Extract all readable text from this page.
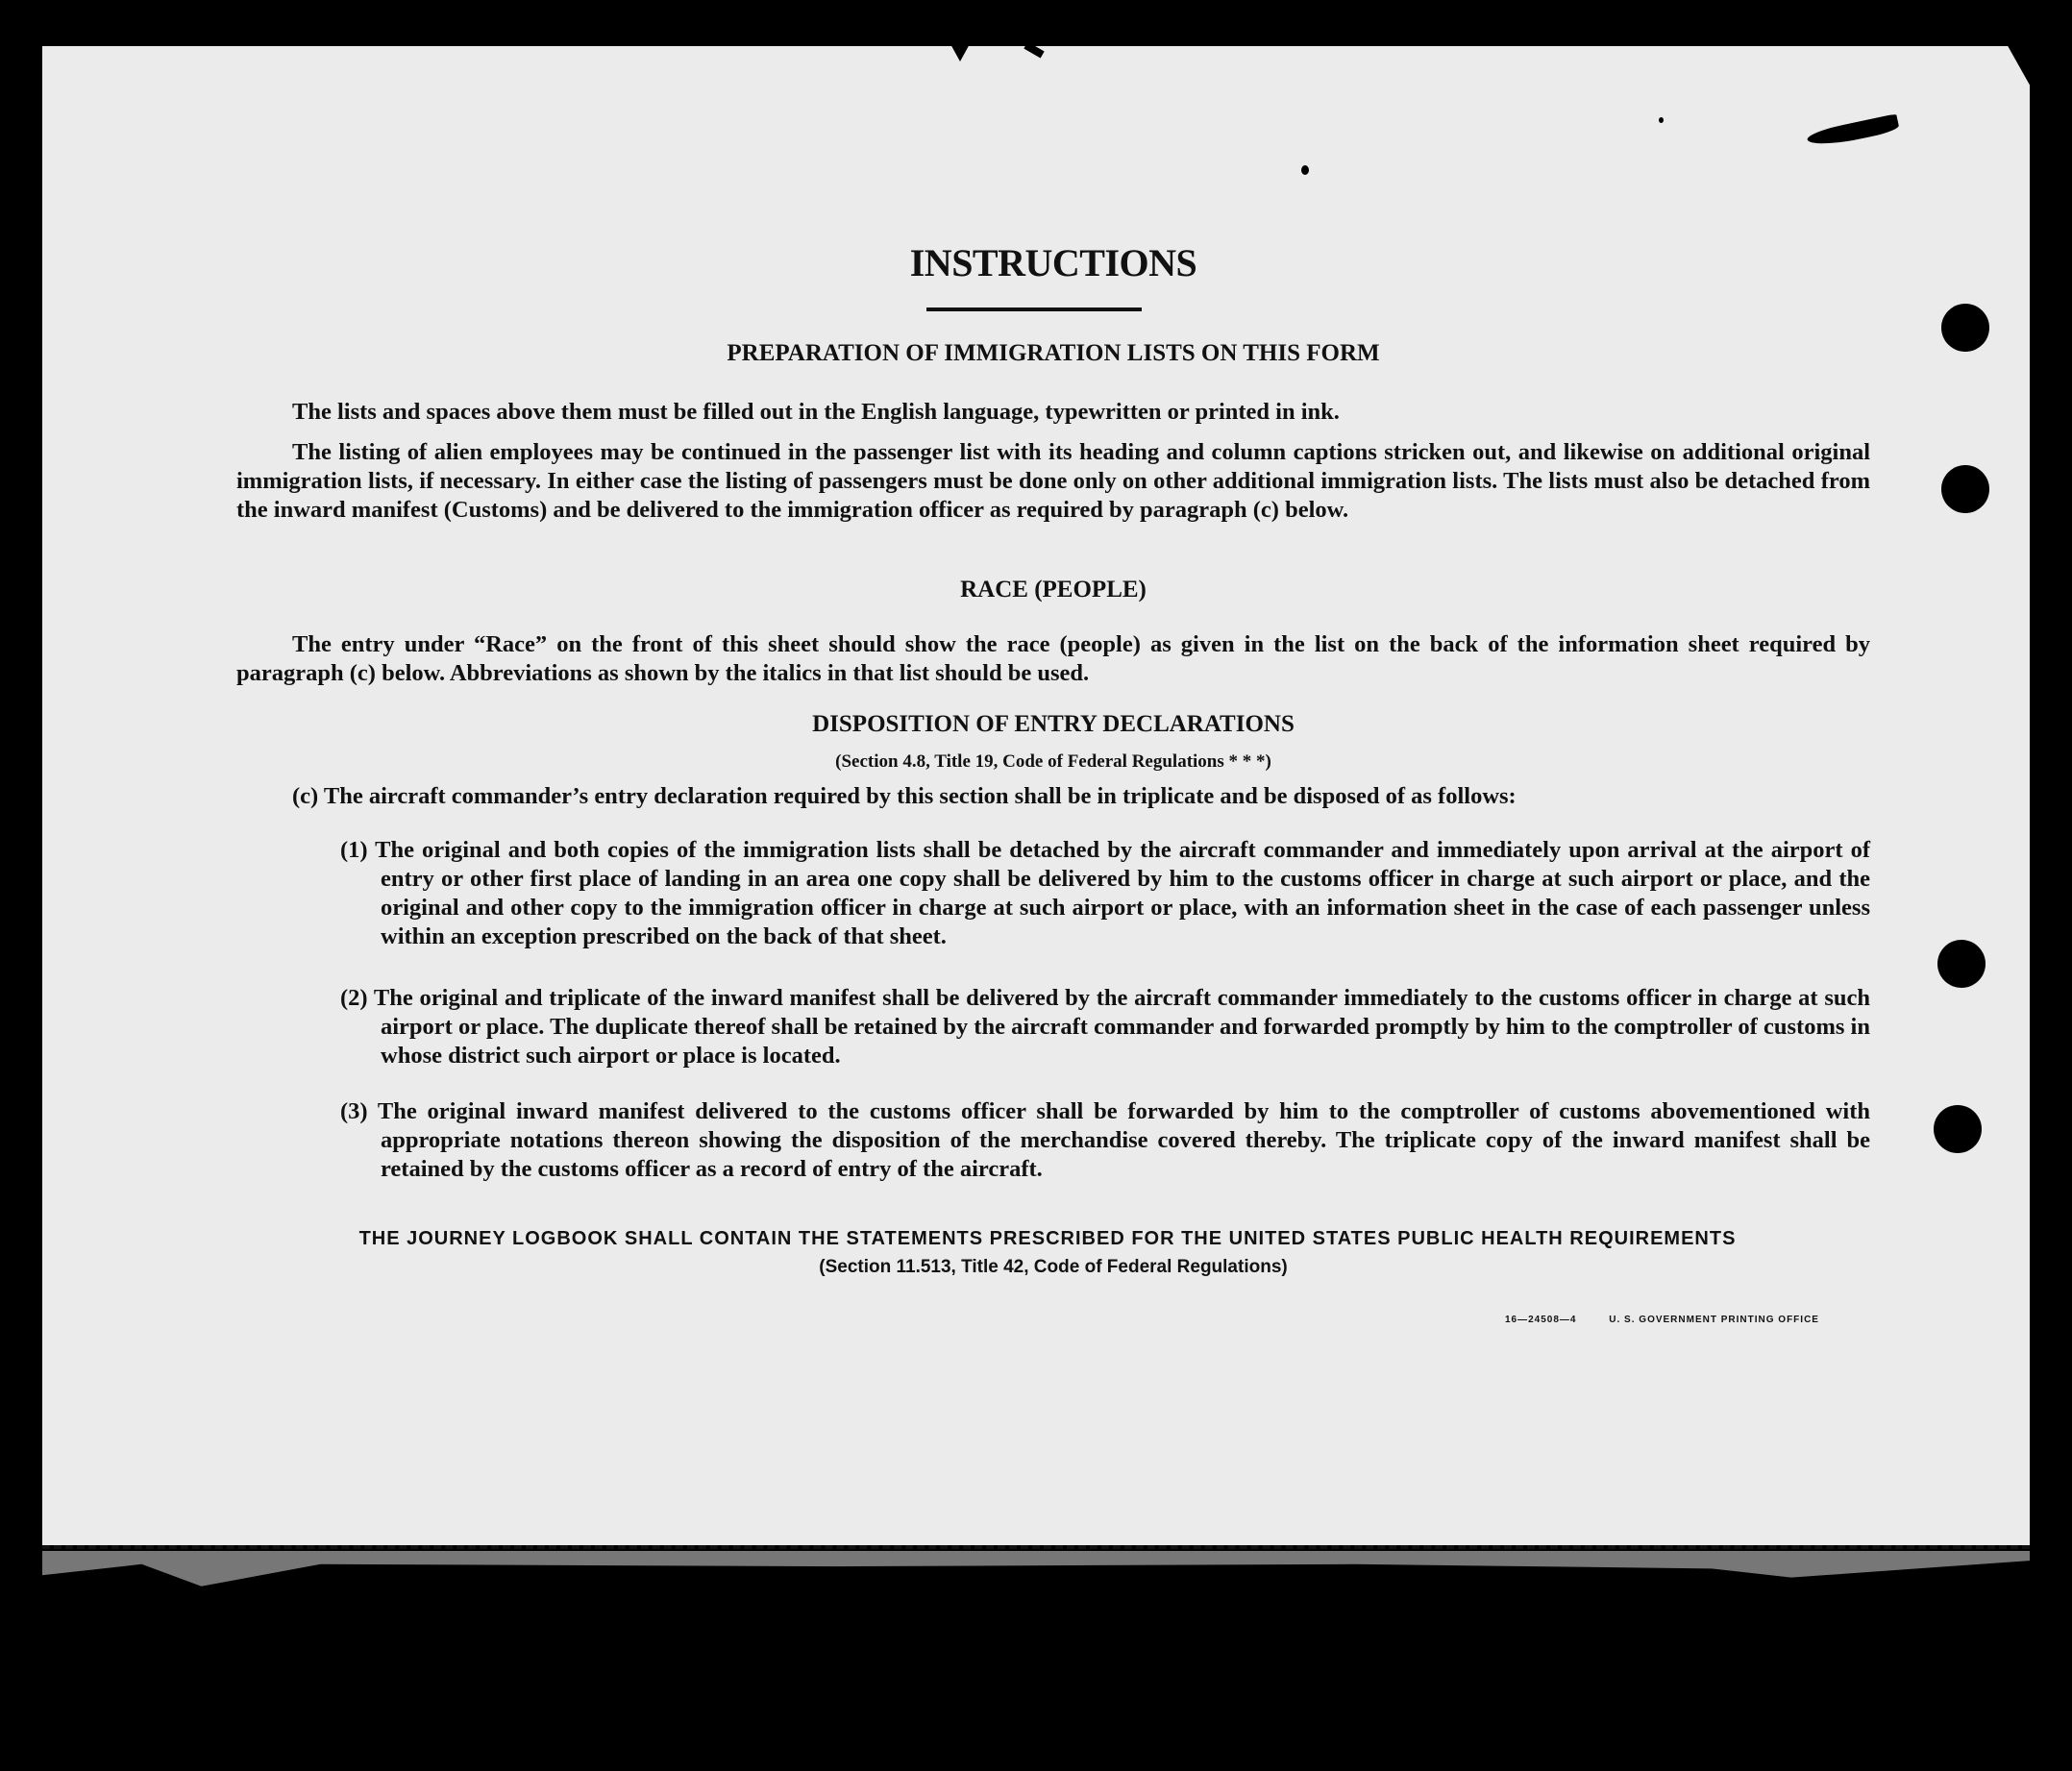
INSTRUCTIONS
PREPARATION OF IMMIGRATION LISTS ON THIS FORM
The lists and spaces above them must be filled out in the English language, typewritten or printed in ink.
The listing of alien employees may be continued in the passenger list with its heading and column captions stricken out, and likewise on additional original immigration lists, if necessary. In either case the listing of passengers must be done only on other additional immigration lists. The lists must also be detached from the inward manifest (Customs) and be delivered to the immigration officer as required by paragraph (c) below.
RACE (PEOPLE)
The entry under “Race” on the front of this sheet should show the race (people) as given in the list on the back of the information sheet required by paragraph (c) below. Abbreviations as shown by the italics in that list should be used.
DISPOSITION OF ENTRY DECLARATIONS
(Section 4.8, Title 19, Code of Federal Regulations * * *)
(c) The aircraft commander’s entry declaration required by this section shall be in triplicate and be disposed of as follows:
(1) The original and both copies of the immigration lists shall be detached by the aircraft commander and immediately upon arrival at the airport of entry or other first place of landing in an area one copy shall be delivered by him to the customs officer in charge at such airport or place, and the original and other copy to the immigration officer in charge at such airport or place, with an information sheet in the case of each passenger unless within an exception prescribed on the back of that sheet.
(2) The original and triplicate of the inward manifest shall be delivered by the aircraft commander immediately to the customs officer in charge at such airport or place. The duplicate thereof shall be retained by the aircraft commander and forwarded promptly by him to the comptroller of customs in whose district such airport or place is located.
(3) The original inward manifest delivered to the customs officer shall be forwarded by him to the comptroller of customs abovementioned with appropriate notations thereon showing the disposition of the merchandise covered thereby. The triplicate copy of the inward manifest shall be retained by the customs officer as a record of entry of the aircraft.
THE JOURNEY LOGBOOK SHALL CONTAIN THE STATEMENTS PRESCRIBED FOR THE UNITED STATES PUBLIC HEALTH REQUIREMENTS
(Section 11.513, Title 42, Code of Federal Regulations)
16—24508—4	U. S. GOVERNMENT PRINTING OFFICE
